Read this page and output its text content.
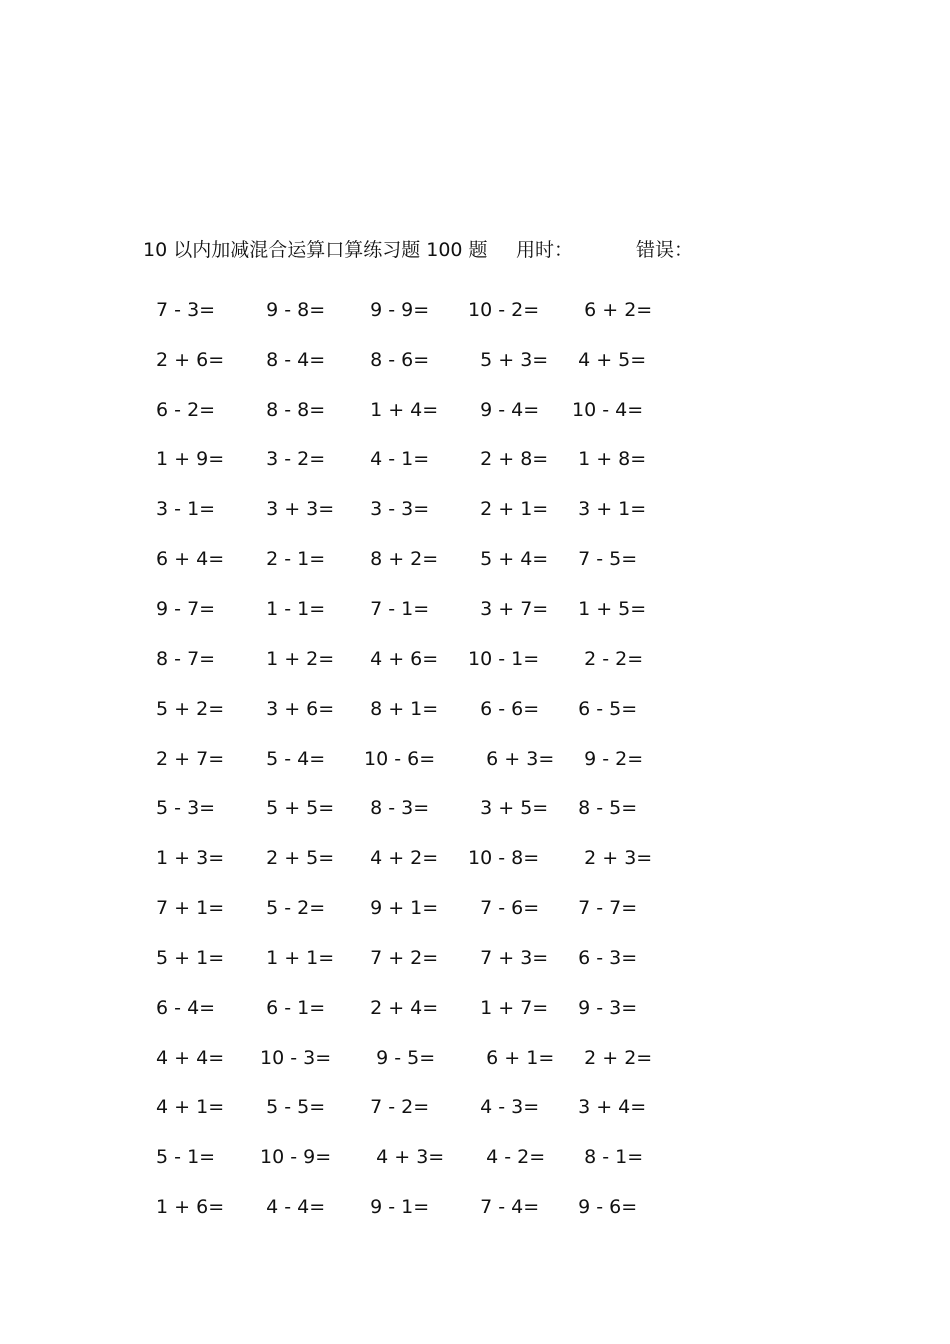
10 以内加减混合运算口算练习题 100 题 用时：	错误：
7 - 3=	9 - 8=	9 - 9=	10 - 2=	6 + 2=
2 + 6=	8 - 4=	8 - 6=	5 + 3= 4 + 5=
6 - 2=	8 - 8=	1 + 4=	9 - 4=	10 - 4=
1 + 9=	3 - 2=	4 - 1=	2 + 8= 1 + 8=
3 - 1=	3 + 3=	3 - 3=	2 + 1= 3 + 1=
6 + 4=	2 - 1=	8 + 2=	5 + 4= 7 - 5=
9 - 7=	1 - 1=	7 - 1=	3 + 7= 1 + 5=
8 - 7=	1 + 2=	4 + 6=	10 - 1=	2 - 2=
5 + 2=	3 + 6=	8 + 1=	6 - 6=	6 - 5=
2 + 7=	5 - 4=	10 - 6=	6 + 3= 9 - 2=
5 - 3=	5 + 5=	8 - 3=	3 + 5= 8 - 5=
1 + 3=	2 + 5=	4 + 2=	10 - 8=	2 + 3=
7 + 1=	5 - 2=	9 + 1=	7 - 6=	7 - 7=
5 + 1=	1 + 1=	7 + 2=	7 + 3= 6 - 3=
6 - 4=	6 - 1=	2 + 4=	1 + 7= 9 - 3=
4 + 4=	10 - 3=	9 - 5=	6 + 1= 2 + 2=
4 + 1=	5 - 5=	7 - 2=	4 - 3=	3 + 4=
5 - 1=	10 - 9=	4 + 3= 4 - 2=	8 - 1=
1 + 6=	4 - 4=	9 - 1=	7 - 4=	9 - 6=
